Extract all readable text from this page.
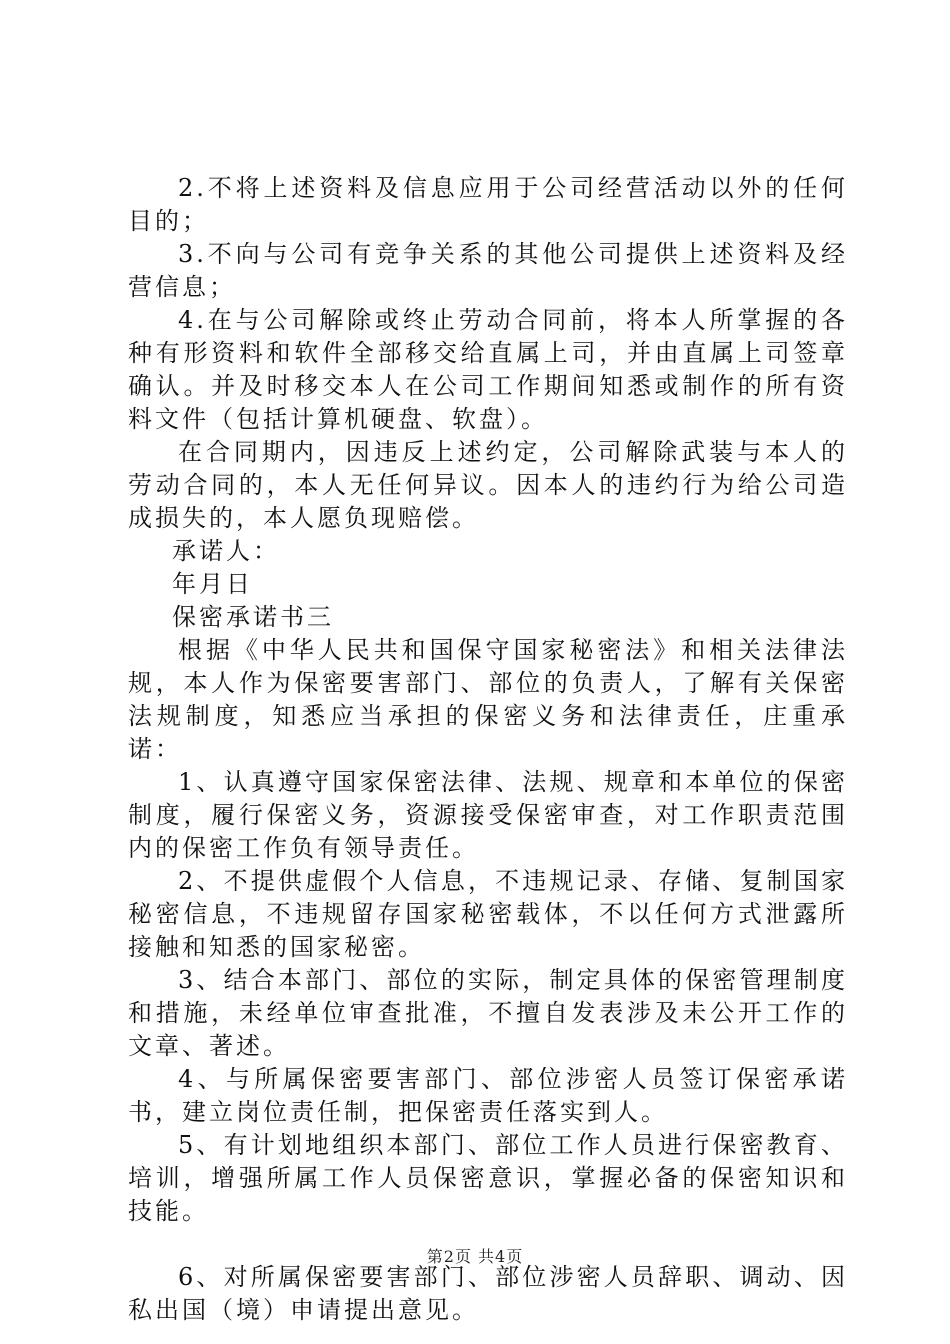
2.不将上述资料及信息应用于公司经营活动以外的任何目的；

3.不向与公司有竞争关系的其他公司提供上述资料及经营信息；

4.在与公司解除或终止劳动合同前，将本人所掌握的各种有形资料和软件全部移交给直属上司，并由直属上司签章确认。并及时移交本人在公司工作期间知悉或制作的所有资料文件（包括计算机硬盘、软盘）。

在合同期内，因违反上述约定，公司解除武装与本人的劳动合同的，本人无任何异议。因本人的违约行为给公司造成损失的，本人愿负现赔偿。

承诺人：

年月日

保密承诺书三

根据《中华人民共和国保守国家秘密法》和相关法律法规，本人作为保密要害部门、部位的负责人，了解有关保密法规制度，知悉应当承担的保密义务和法律责任，庄重承诺：

1、认真遵守国家保密法律、法规、规章和本单位的保密制度，履行保密义务，资源接受保密审查，对工作职责范围内的保密工作负有领导责任。

2、不提供虚假个人信息，不违规记录、存储、复制国家秘密信息，不违规留存国家秘密载体，不以任何方式泄露所接触和知悉的国家秘密。

3、结合本部门、部位的实际，制定具体的保密管理制度和措施，未经单位审查批准，不擅自发表涉及未公开工作的文章、著述。

4、与所属保密要害部门、部位涉密人员签订保密承诺书，建立岗位责任制，把保密责任落实到人。

5、有计划地组织本部门、部位工作人员进行保密教育、培训，增强所属工作人员保密意识，掌握必备的保密知识和技能。

6、对所属保密要害部门、部位涉密人员辞职、调动、因私出国（境）申请提出意见。

第2页 共4页
